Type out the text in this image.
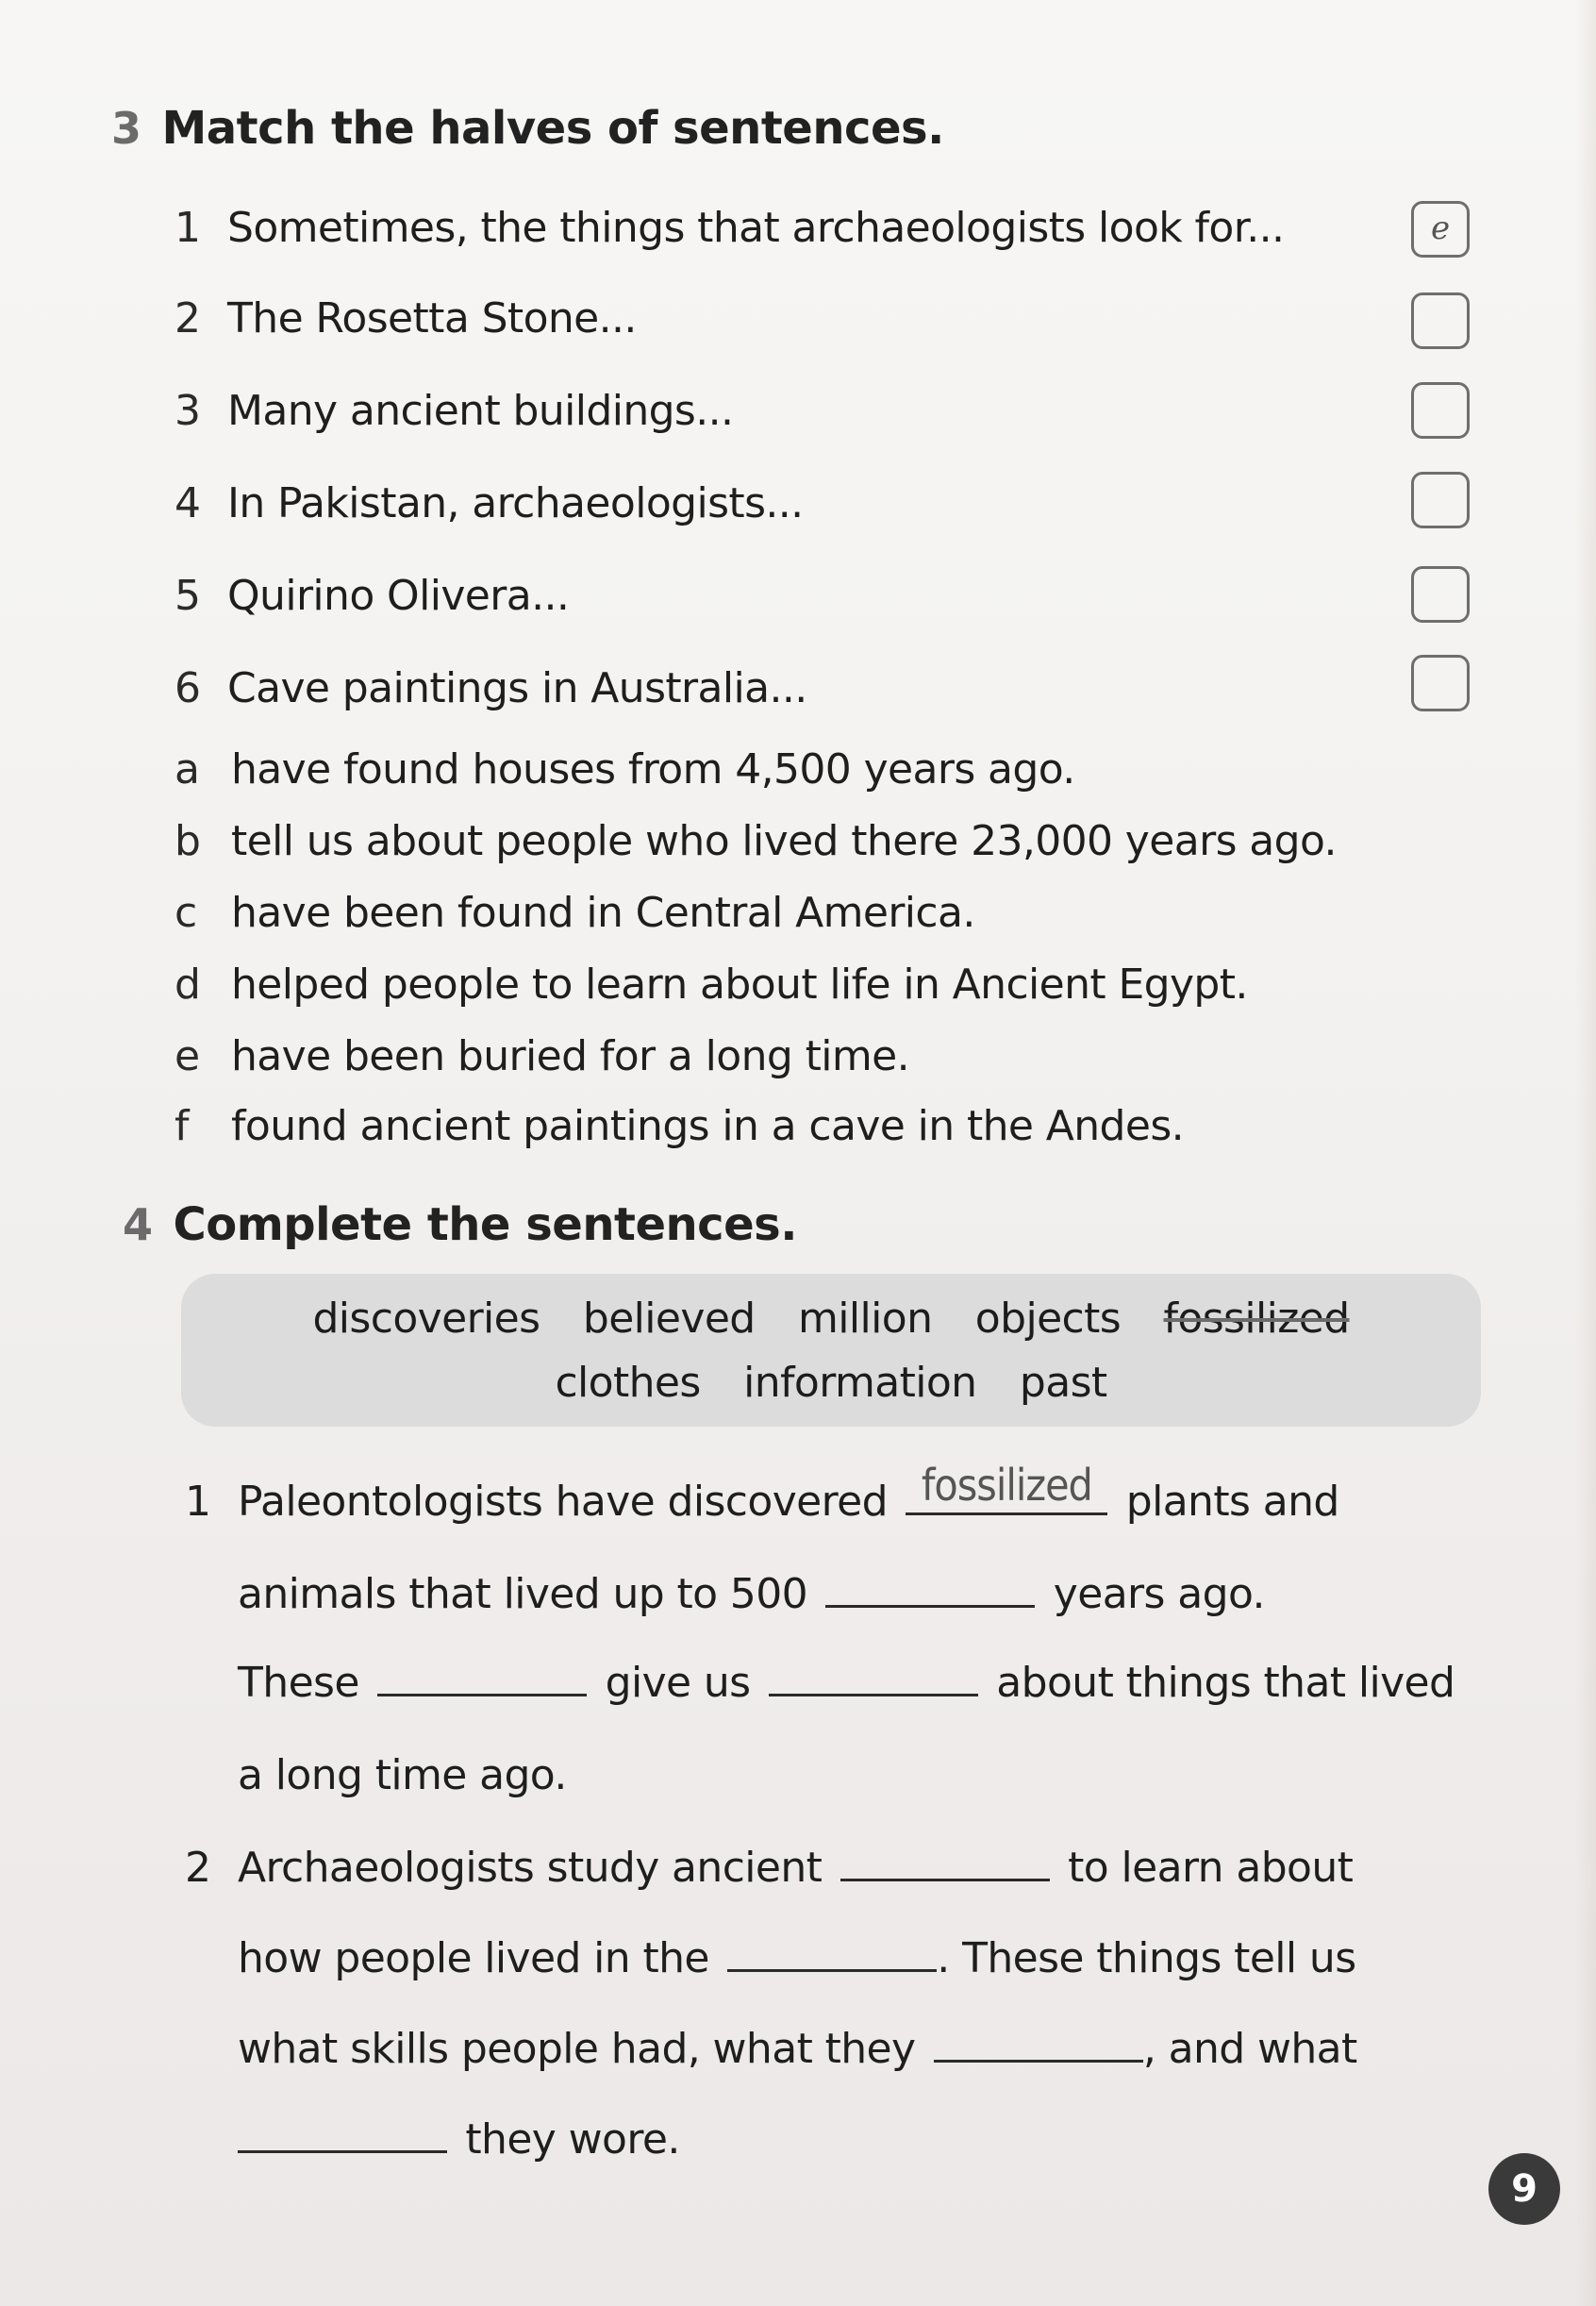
3 Match the halves of sentences.
1 Sometimes, the things that archaeologists look for...
2 The Rosetta Stone...
3 Many ancient buildings...
4 In Pakistan, archaeologists...
5 Quirino Olivera...
6 Cave paintings in Australia...
e
a have found houses from 4,500 years ago.
b tell us about people who lived there 23,000 years ago.
c have been found in Central America.
d helped people to learn about life in Ancient Egypt.
e have been buried for a long time.
f found ancient paintings in a cave in the Andes.
4 Complete the sentences.
discoveries believed million objects fossilized
clothes information past
1 Paleontologists have discovered fossilized plants and
animals that lived up to 500	years ago.
These	give us	about things that lived
a long time ago.
2 Archaeologists study ancient	to learn about
how people lived in the	. These things tell us
what skills people had, what they	, and what
they wore.
9
